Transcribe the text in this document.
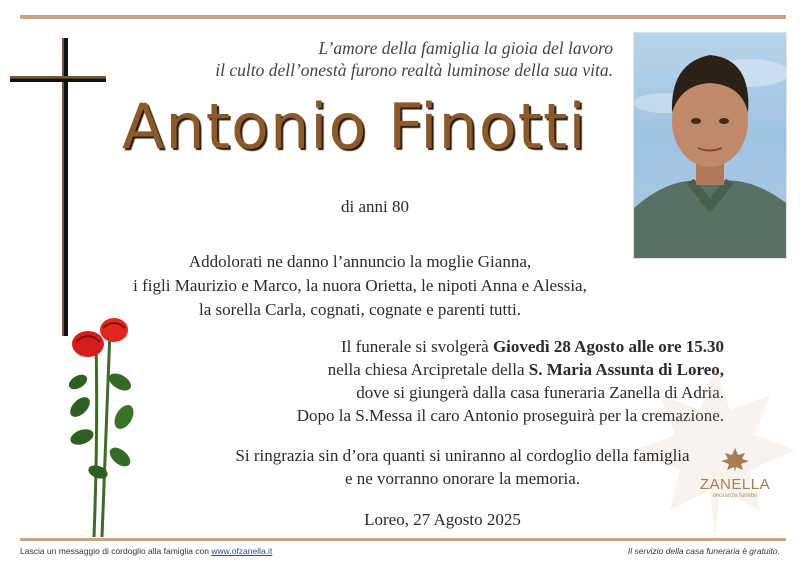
L’amore della famiglia la gioia del lavoro
il culto dell’onestà furono realtà luminose della sua vita.
Antonio Finotti
di anni 80
Addolorati ne danno l’annuncio la moglie Gianna,
i figli Maurizio e Marco, la nuora Orietta, le nipoti Anna e Alessia,
la sorella Carla, cognati, cognate e parenti tutti.
Il funerale si svolgerà Giovedì 28 Agosto alle ore 15.30
nella chiesa Arcipretale della S. Maria Assunta di Loreo,
dove si giungerà dalla casa funeraria Zanella di Adria.
Dopo la S.Messa il caro Antonio proseguirà per la cremazione.
Si ringrazia sin d’ora quanti si uniranno al cordoglio della famiglia
e ne vorranno onorare la memoria.	ZANELLA
onoranze funebri
Loreo, 27 Agosto 2025
Lascia un messaggio di cordoglio alla famiglia con www.ofzanella.it	Il servizio della casa funeraria è gratuito.
